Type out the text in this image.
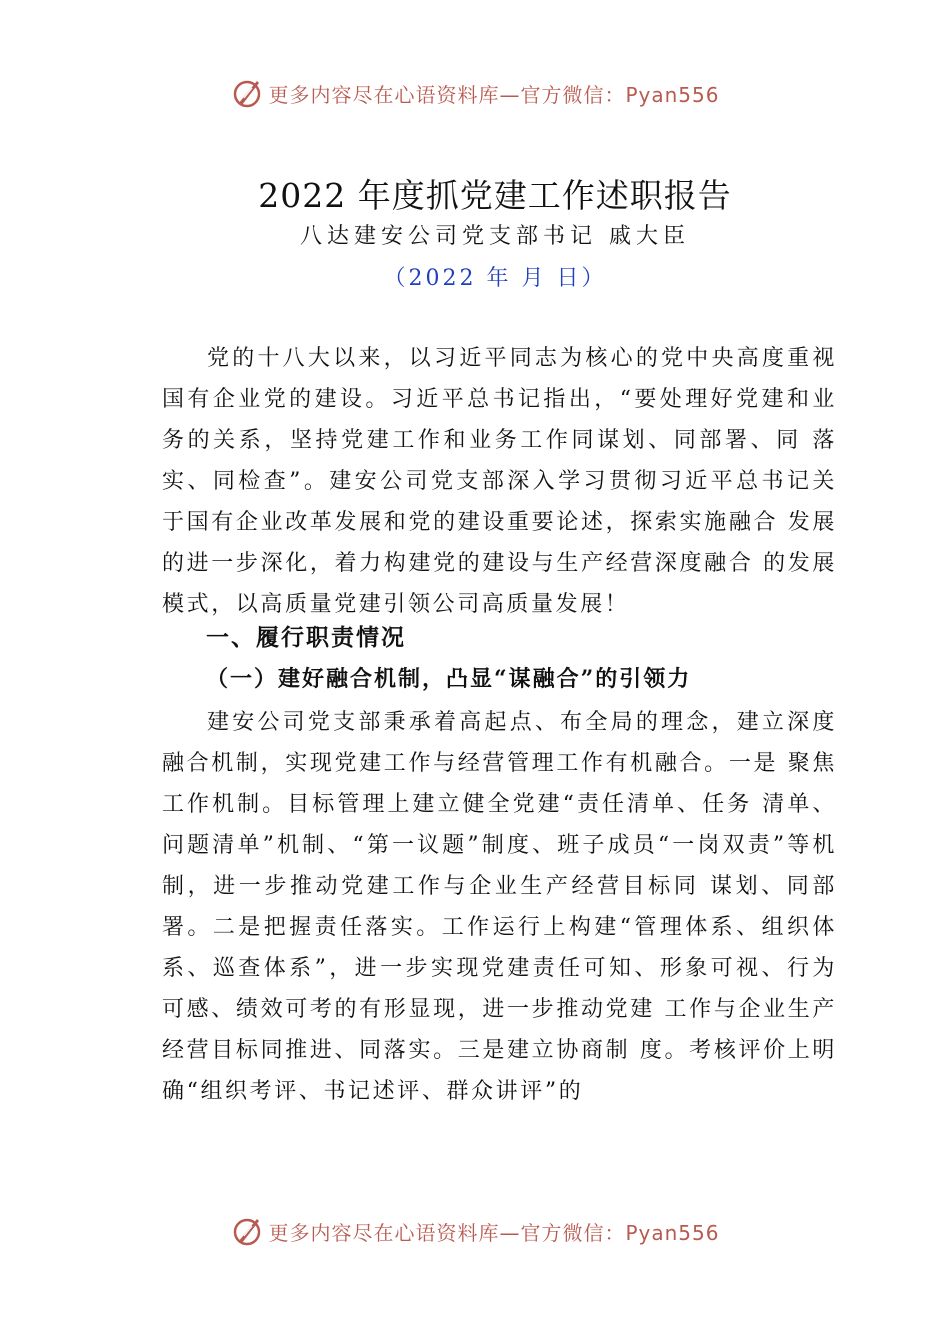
更多内容尽在心语资料库—官方微信：Pyan556
2022 年度抓党建工作述职报告
八达建安公司党支部书记 戚大臣
（2022 年 月 日）

党的十八大以来，以习近平同志为核心的党中央高度重视国有企业党的建设。习近平总书记指出，“要处理好党建和业务的关系，坚持党建工作和业务工作同谋划、同部署、同 落实、同检查”。建安公司党支部深入学习贯彻习近平总书记关于国有企业改革发展和党的建设重要论述，探索实施融合 发展的进一步深化，着力构建党的建设与生产经营深度融合 的发展模式，以高质量党建引领公司高质量发展！

一、履行职责情况
（一）建好融合机制，凸显“谋融合”的引领力

建安公司党支部秉承着高起点、布全局的理念，建立深度融合机制，实现党建工作与经营管理工作有机融合。一是 聚焦工作机制。目标管理上建立健全党建“责任清单、任务 清单、问题清单”机制、“第一议题”制度、班子成员“一岗双责”等机制，进一步推动党建工作与企业生产经营目标同 谋划、同部署。二是把握责任落实。工作运行上构建“管理体系、组织体系、巡查体系”，进一步实现党建责任可知、形象可视、行为可感、绩效可考的有形显现，进一步推动党建 工作与企业生产经营目标同推进、同落实。三是建立协商制 度。考核评价上明确“组织考评、书记述评、群众讲评”的

更多内容尽在心语资料库—官方微信：Pyan556
